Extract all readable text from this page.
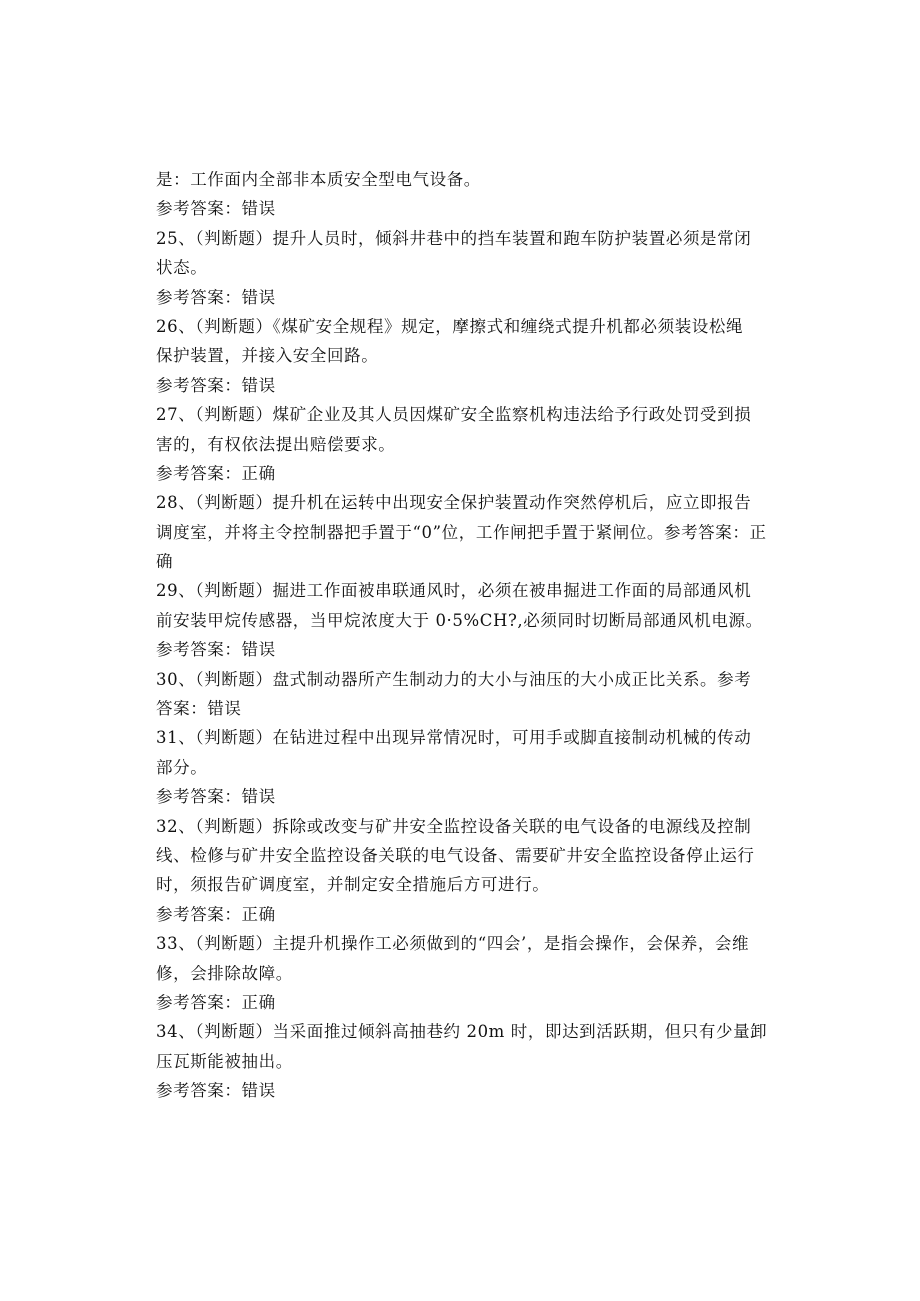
是：工作面内全部非本质安全型电气设备。
参考答案：错误
25、（判断题）提升人员时，倾斜井巷中的挡车装置和跑车防护装置必须是常闭
状态。
参考答案：错误
26、（判断题）《煤矿安全规程》规定，摩擦式和缠绕式提升机都必须装设松绳
保护装置，并接入安全回路。
参考答案：错误
27、（判断题）煤矿企业及其人员因煤矿安全监察机构违法给予行政处罚受到损
害的，有权依法提出赔偿要求。
参考答案：正确
28、（判断题）提升机在运转中出现安全保护装置动作突然停机后，应立即报告
调度室，并将主令控制器把手置于“0”位，工作闸把手置于紧闸位。参考答案：正
确
29、（判断题）掘进工作面被串联通风时，必须在被串掘进工作面的局部通风机
前安装甲烷传感器，当甲烷浓度大于 0·5%CH?,必须同时切断局部通风机电源。
参考答案：错误
30、（判断题）盘式制动器所产生制动力的大小与油压的大小成正比关系。参考
答案：错误
31、（判断题）在钻进过程中出现异常情况时，可用手或脚直接制动机械的传动
部分。
参考答案：错误
32、（判断题）拆除或改变与矿井安全监控设备关联的电气设备的电源线及控制
线、检修与矿井安全监控设备关联的电气设备、需要矿井安全监控设备停止运行
时，须报告矿调度室，并制定安全措施后方可进行。
参考答案：正确
33、（判断题）主提升机操作工必须做到的“四会’，是指会操作，会保养，会维
修，会排除故障。
参考答案：正确
34、（判断题）当采面推过倾斜高抽巷约 20m 时，即达到活跃期，但只有少量卸
压瓦斯能被抽出。
参考答案：错误
